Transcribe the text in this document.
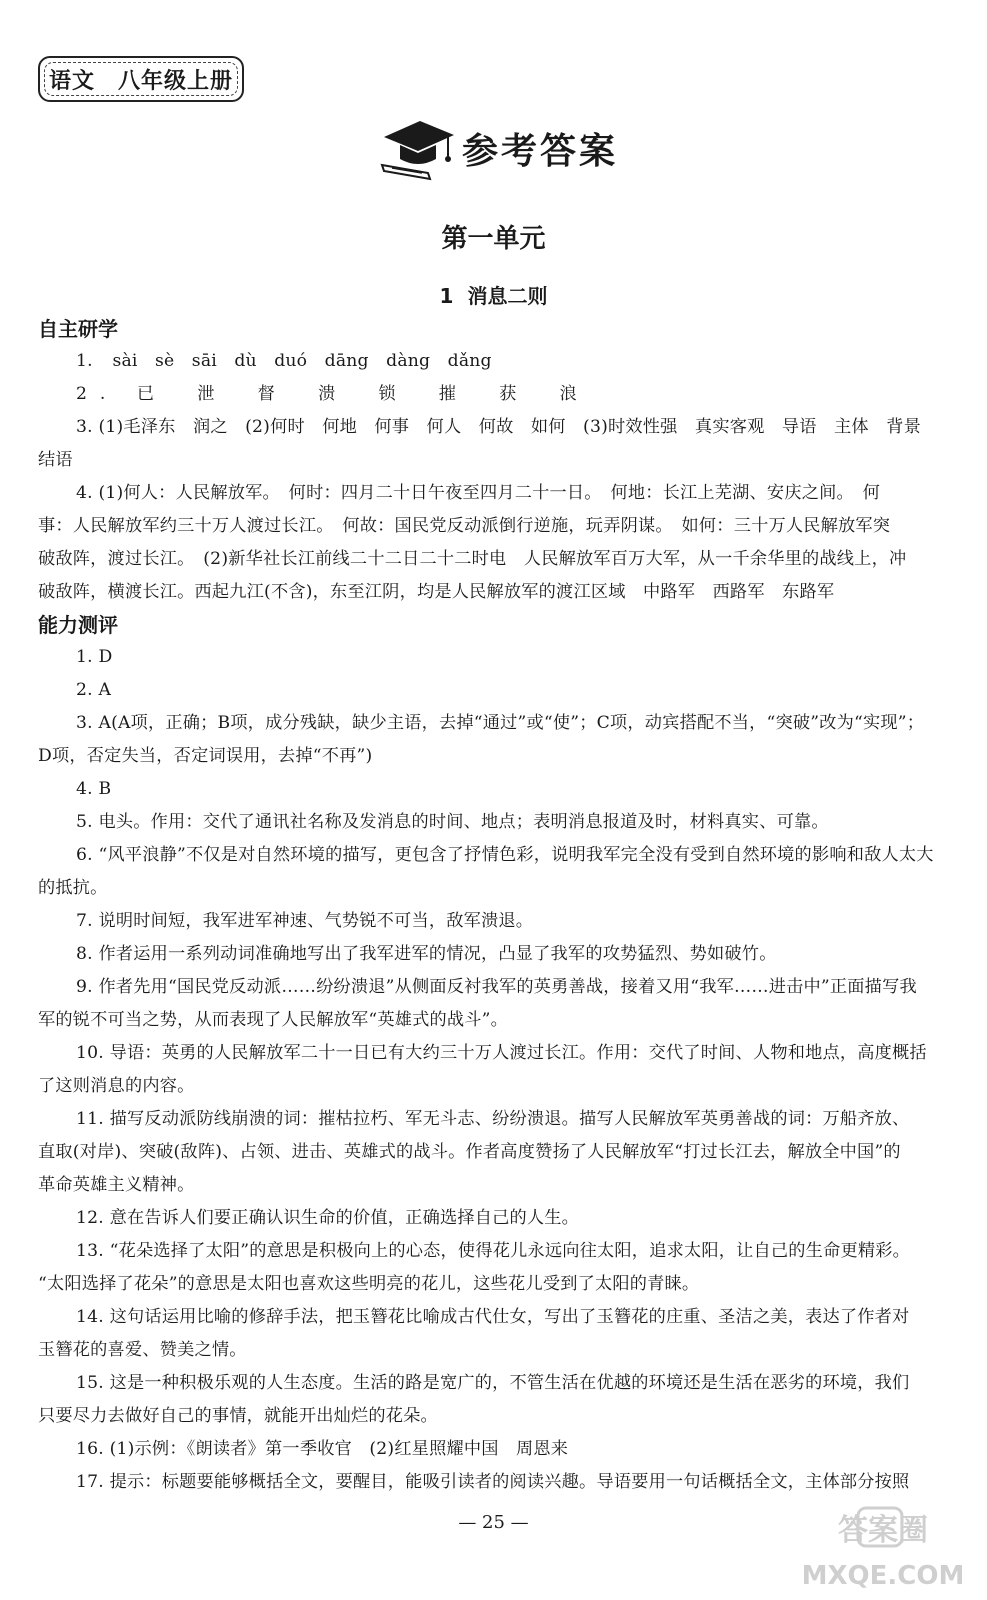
语文　八年级上册
参考答案
第一单元
1 消息二则
自主研学
1. sài　sè　sāi　dù　duó　dāng　dàng　dǎng
2. 已　泄　督　溃　锁　摧　获　浪
3. (1)毛泽东　润之　(2)何时　何地　何事　何人　何故　如何　(3)时效性强　真实客观　导语　主体　背景
结语
4. (1)何人：人民解放军。　何时：四月二十日午夜至四月二十一日。　何地：长江上芜湖、安庆之间。　何
事：人民解放军约三十万人渡过长江。　何故：国民党反动派倒行逆施，玩弄阴谋。　如何：三十万人民解放军突
破敌阵，渡过长江。　(2)新华社长江前线二十二日二十二时电　人民解放军百万大军，从一千余华里的战线上，冲
破敌阵，横渡长江。西起九江(不含)，东至江阴，均是人民解放军的渡江区域　中路军　西路军　东路军
能力测评
1. D
2. A
3. A(A项，正确；B项，成分残缺，缺少主语，去掉“通过”或“使”；C项，动宾搭配不当，“突破”改为“实现”；
D项，否定失当，否定词误用，去掉“不再”)
4. B
5. 电头。作用：交代了通讯社名称及发消息的时间、地点；表明消息报道及时，材料真实、可靠。
6. “风平浪静”不仅是对自然环境的描写，更包含了抒情色彩，说明我军完全没有受到自然环境的影响和敌人太大
的抵抗。
7. 说明时间短，我军进军神速、气势锐不可当，敌军溃退。
8. 作者运用一系列动词准确地写出了我军进军的情况，凸显了我军的攻势猛烈、势如破竹。
9. 作者先用“国民党反动派……纷纷溃退”从侧面反衬我军的英勇善战，接着又用“我军……进击中”正面描写我
军的锐不可当之势，从而表现了人民解放军“英雄式的战斗”。
10. 导语：英勇的人民解放军二十一日已有大约三十万人渡过长江。作用：交代了时间、人物和地点，高度概括
了这则消息的内容。
11. 描写反动派防线崩溃的词：摧枯拉朽、军无斗志、纷纷溃退。描写人民解放军英勇善战的词：万船齐放、
直取(对岸)、突破(敌阵)、占领、进击、英雄式的战斗。作者高度赞扬了人民解放军“打过长江去，解放全中国”的
革命英雄主义精神。
12. 意在告诉人们要正确认识生命的价值，正确选择自己的人生。
13. “花朵选择了太阳”的意思是积极向上的心态，使得花儿永远向往太阳，追求太阳，让自己的生命更精彩。
“太阳选择了花朵”的意思是太阳也喜欢这些明亮的花儿，这些花儿受到了太阳的青睐。
14. 这句话运用比喻的修辞手法，把玉簪花比喻成古代仕女，写出了玉簪花的庄重、圣洁之美，表达了作者对
玉簪花的喜爱、赞美之情。
15. 这是一种积极乐观的人生态度。生活的路是宽广的，不管生活在优越的环境还是生活在恶劣的环境，我们
只要尽力去做好自己的事情，就能开出灿烂的花朵。
16. (1)示例：《朗读者》第一季收官　(2)红星照耀中国　周恩来
17. 提示：标题要能够概括全文，要醒目，能吸引读者的阅读兴趣。导语要用一句话概括全文，主体部分按照
— 25 —	答案圈
MXQE.COM
